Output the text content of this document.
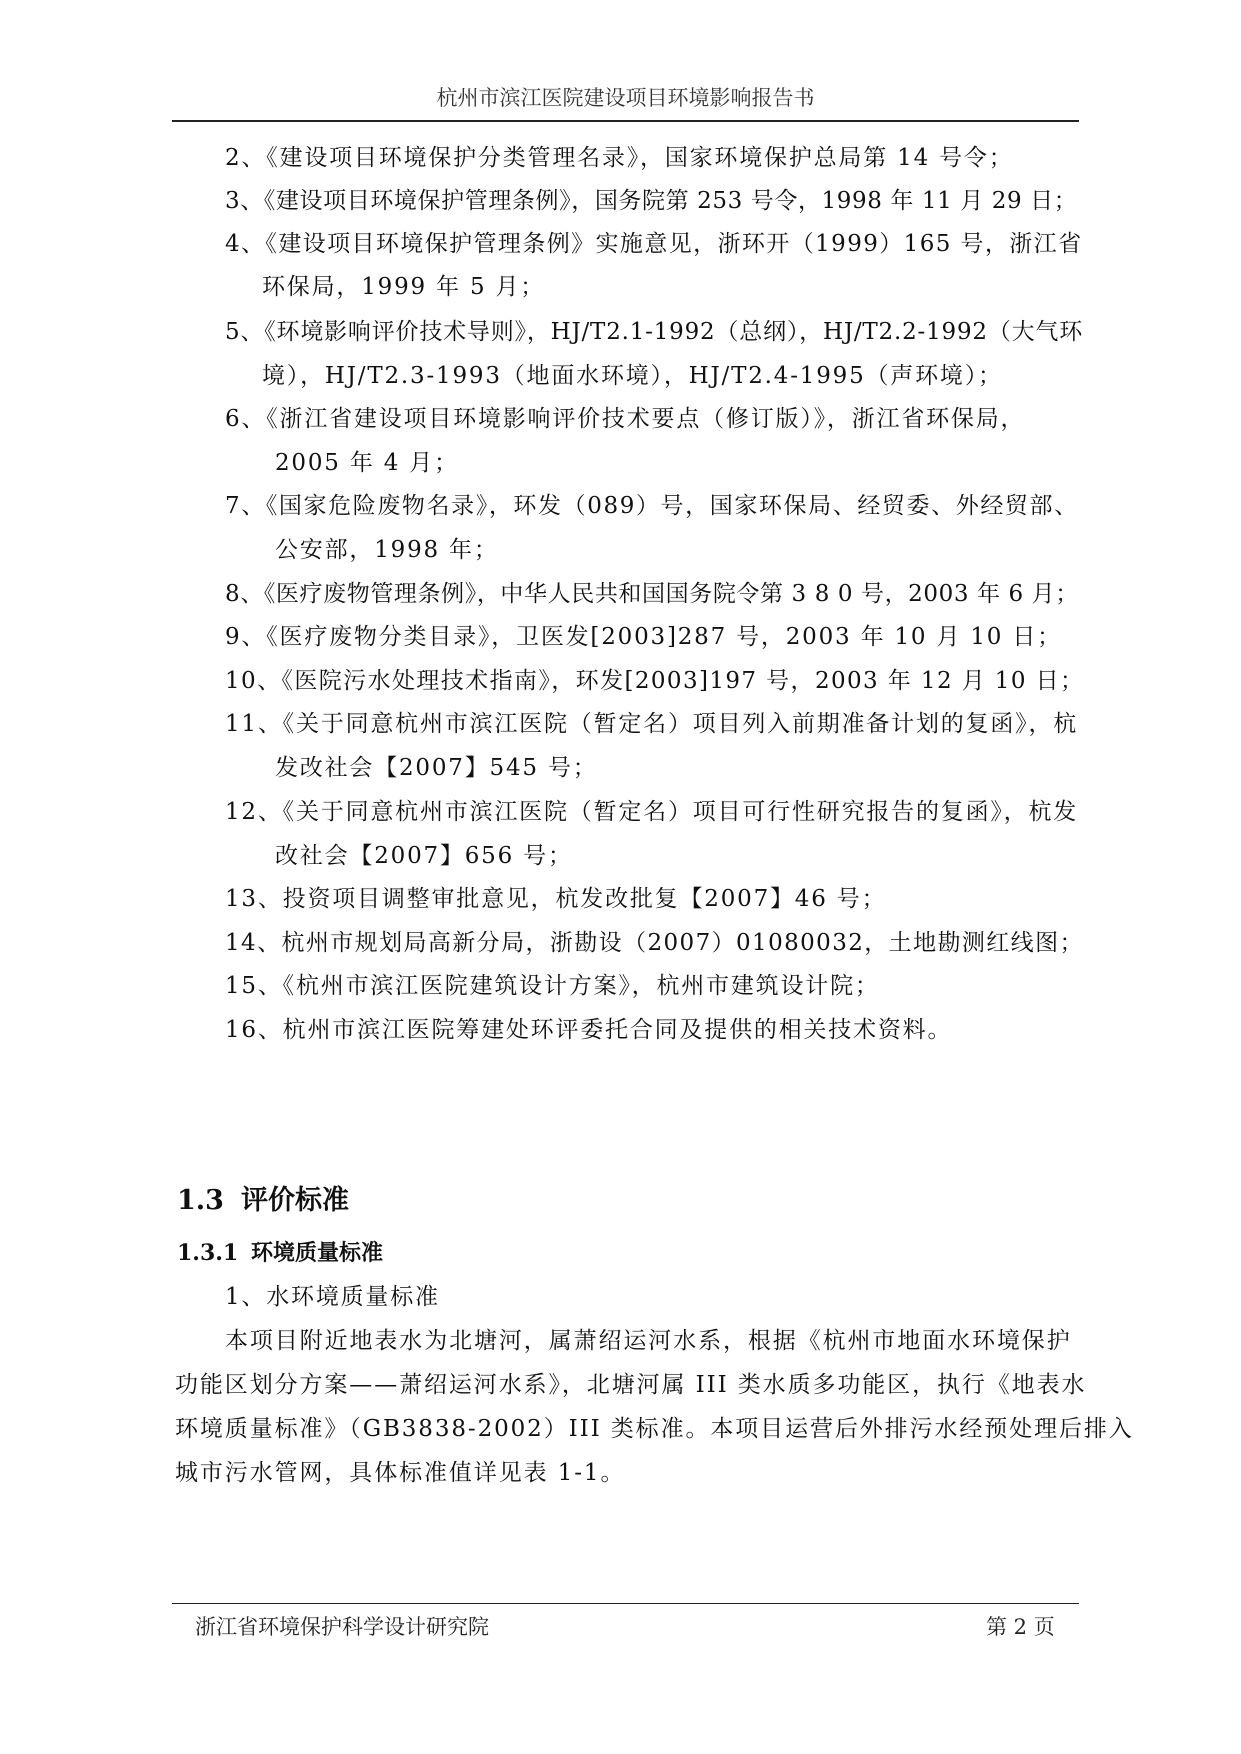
杭州市滨江医院建设项目环境影响报告书
2、《建设项目环境保护分类管理名录》，国家环境保护总局第 14 号令；
3、《建设项目环境保护管理条例》，国务院第 253 号令，1998 年 11 月 29 日；
4、《建设项目环境保护管理条例》实施意见，浙环开（1999）165 号，浙江省
环保局，1999 年 5 月；
5、《环境影响评价技术导则》，HJ/T2.1-1992（总纲），HJ/T2.2-1992（大气环
境），HJ/T2.3-1993（地面水环境），HJ/T2.4-1995（声环境）；
6、《浙江省建设项目环境影响评价技术要点（修订版）》，浙江省环保局，
2005 年 4 月；
7、《国家危险废物名录》，环发（089）号，国家环保局、经贸委、外经贸部、
公安部，1998 年；
8、《医疗废物管理条例》，中华人民共和国国务院令第 3 8 0 号，2003 年 6 月；
9、《医疗废物分类目录》，卫医发[2003]287 号，2003 年 10 月 10 日；
10、《医院污水处理技术指南》，环发[2003]197 号，2003 年 12 月 10 日；
11、《关于同意杭州市滨江医院（暂定名）项目列入前期准备计划的复函》，杭
发改社会【2007】545 号；
12、《关于同意杭州市滨江医院（暂定名）项目可行性研究报告的复函》，杭发
改社会【2007】656 号；
13、投资项目调整审批意见，杭发改批复【2007】46 号；
14、杭州市规划局高新分局，浙勘设（2007）01080032，土地勘测红线图；
15、《杭州市滨江医院建筑设计方案》，杭州市建筑设计院；
16、杭州市滨江医院筹建处环评委托合同及提供的相关技术资料。
1.3 评价标准
1.3.1 环境质量标准
1、水环境质量标准
本项目附近地表水为北塘河，属萧绍运河水系，根据《杭州市地面水环境保护
功能区划分方案——萧绍运河水系》，北塘河属 III 类水质多功能区，执行《地表水
环境质量标准》（GB3838-2002）III 类标准。本项目运营后外排污水经预处理后排入
城市污水管网，具体标准值详见表 1-1。
浙江省环境保护科学设计研究院	第 2 页
